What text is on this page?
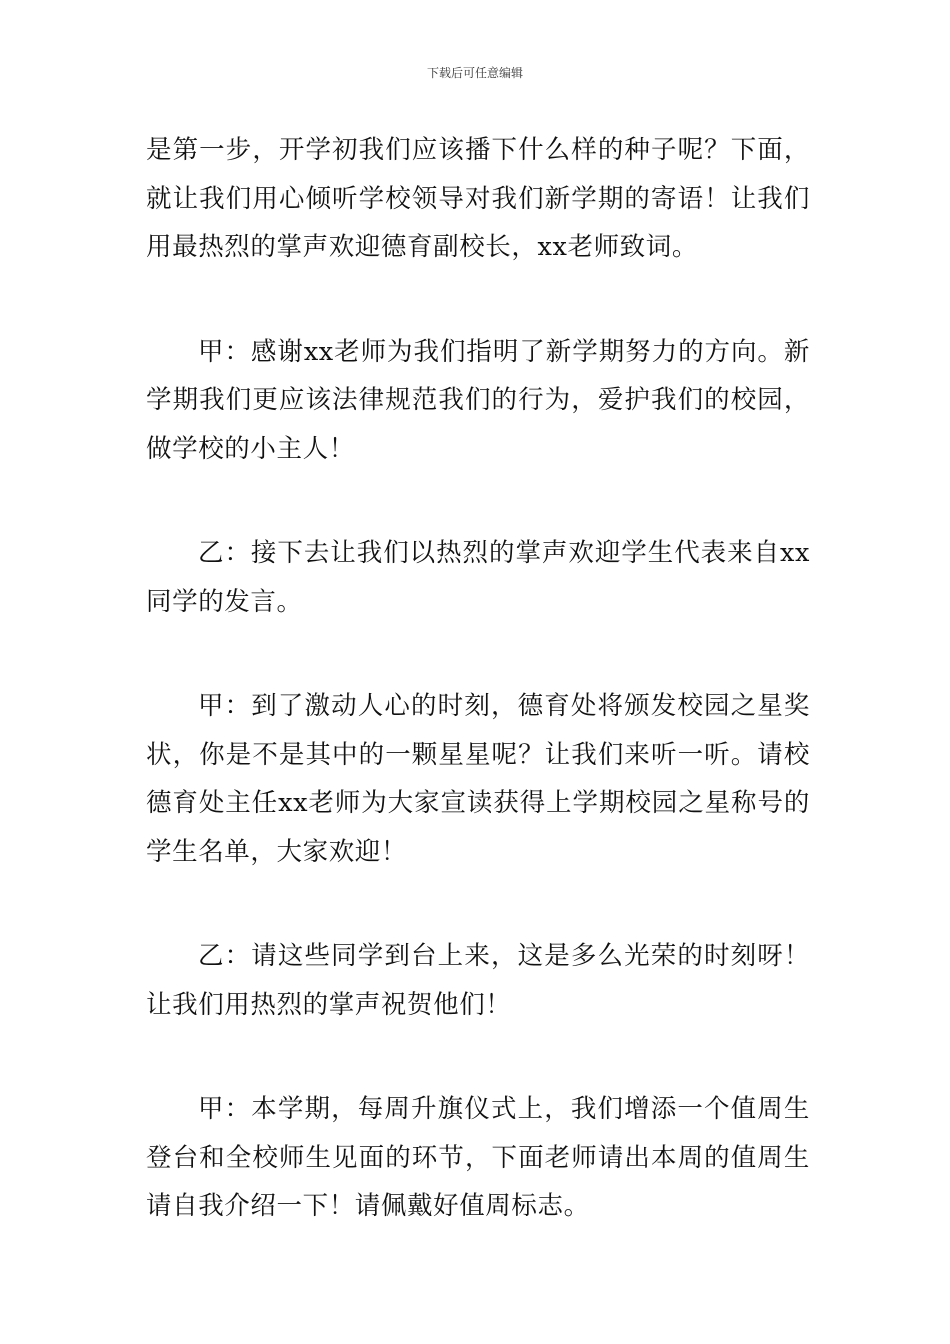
下载后可任意编辑

是第一步，开学初我们应该播下什么样的种子呢？下面，就让我们用心倾听学校领导对我们新学期的寄语！让我们用最热烈的掌声欢迎德育副校长，xx老师致词。

甲：感谢xx老师为我们指明了新学期努力的方向。新学期我们更应该法律规范我们的行为，爱护我们的校园，做学校的小主人！

乙：接下去让我们以热烈的掌声欢迎学生代表来自xx同学的发言。

甲：到了激动人心的时刻，德育处将颁发校园之星奖状，你是不是其中的一颗星星呢？让我们来听一听。请校德育处主任xx老师为大家宣读获得上学期校园之星称号的学生名单，大家欢迎！

乙：请这些同学到台上来，这是多么光荣的时刻呀！让我们用热烈的掌声祝贺他们！

甲：本学期，每周升旗仪式上，我们增添一个值周生登台和全校师生见面的环节，下面老师请出本周的值周生请自我介绍一下！请佩戴好值周标志。
